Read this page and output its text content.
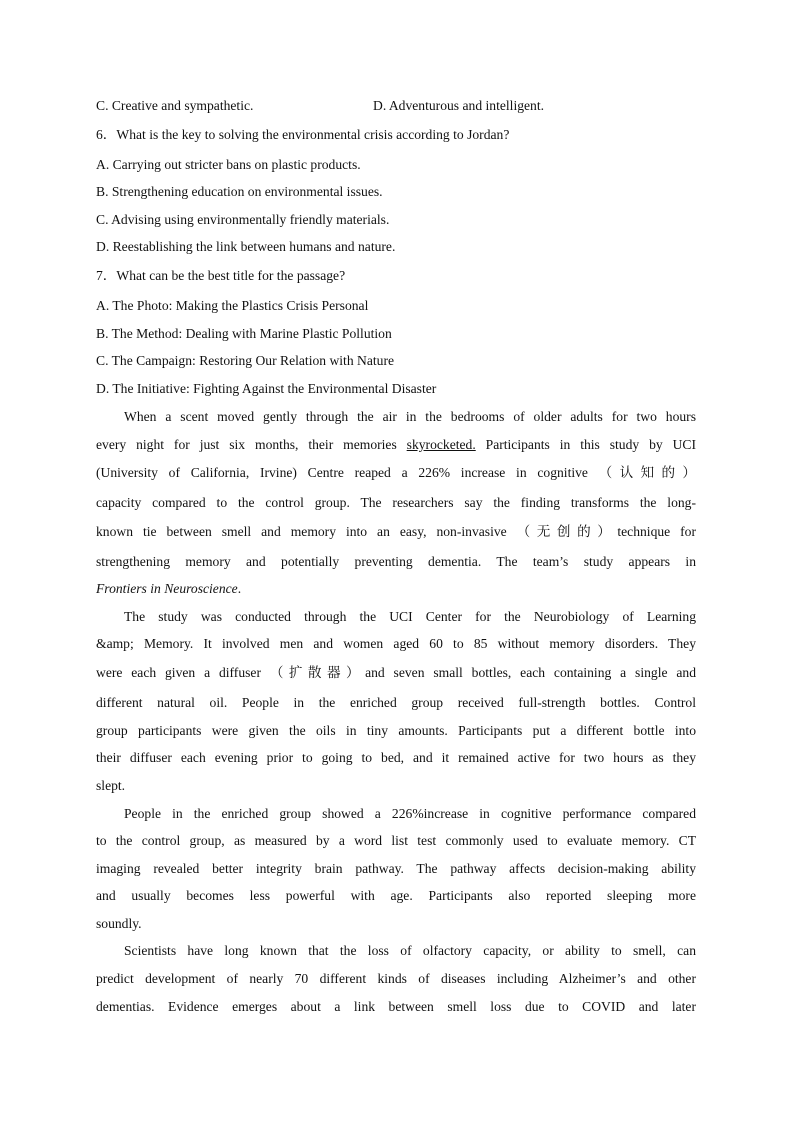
C. Creative and sympathetic.	D. Adventurous and intelligent.
6．What is the key to solving the environmental crisis according to Jordan?
A. Carrying out stricter bans on plastic products.
B. Strengthening education on environmental issues.
C. Advising using environmentally friendly materials.
D. Reestablishing the link between humans and nature.
7．What can be the best title for the passage?
A. The Photo: Making the Plastics Crisis Personal
B. The Method: Dealing with Marine Plastic Pollution
C. The Campaign: Restoring Our Relation with Nature
D. The Initiative: Fighting Against the Environmental Disaster
When a scent moved gently through the air in the bedrooms of older adults for two hours
every night for just six months, their memories skyrocketed. Participants in this study by UCI
(University of California, Irvine) Centre reaped a 226% increase in cognitive （认知的）
capacity compared to the control group. The researchers say the finding transforms the long-
known tie between smell and memory into an easy, non-invasive （无创的）technique for
strengthening memory and potentially preventing dementia. The team’s study appears in
Frontiers in Neuroscience.
The study was conducted through the UCI Center for the Neurobiology of Learning
&amp; Memory. It involved men and women aged 60 to 85 without memory disorders. They
were each given a diffuser （扩散器）and seven small bottles, each containing a single and
different natural oil. People in the enriched group received full-strength bottles. Control
group participants were given the oils in tiny amounts. Participants put a different bottle into
their diffuser each evening prior to going to bed, and it remained active for two hours as they
slept.
People in the enriched group showed a 226%increase in cognitive performance compared
to the control group, as measured by a word list test commonly used to evaluate memory. CT
imaging revealed better integrity brain pathway. The pathway affects decision-making ability
and usually becomes less powerful with age. Participants also reported sleeping more
soundly.
Scientists have long known that the loss of olfactory capacity, or ability to smell, can
predict development of nearly 70 different kinds of diseases including Alzheimer’s and other
dementias. Evidence emerges about a link between smell loss due to COVID and later
